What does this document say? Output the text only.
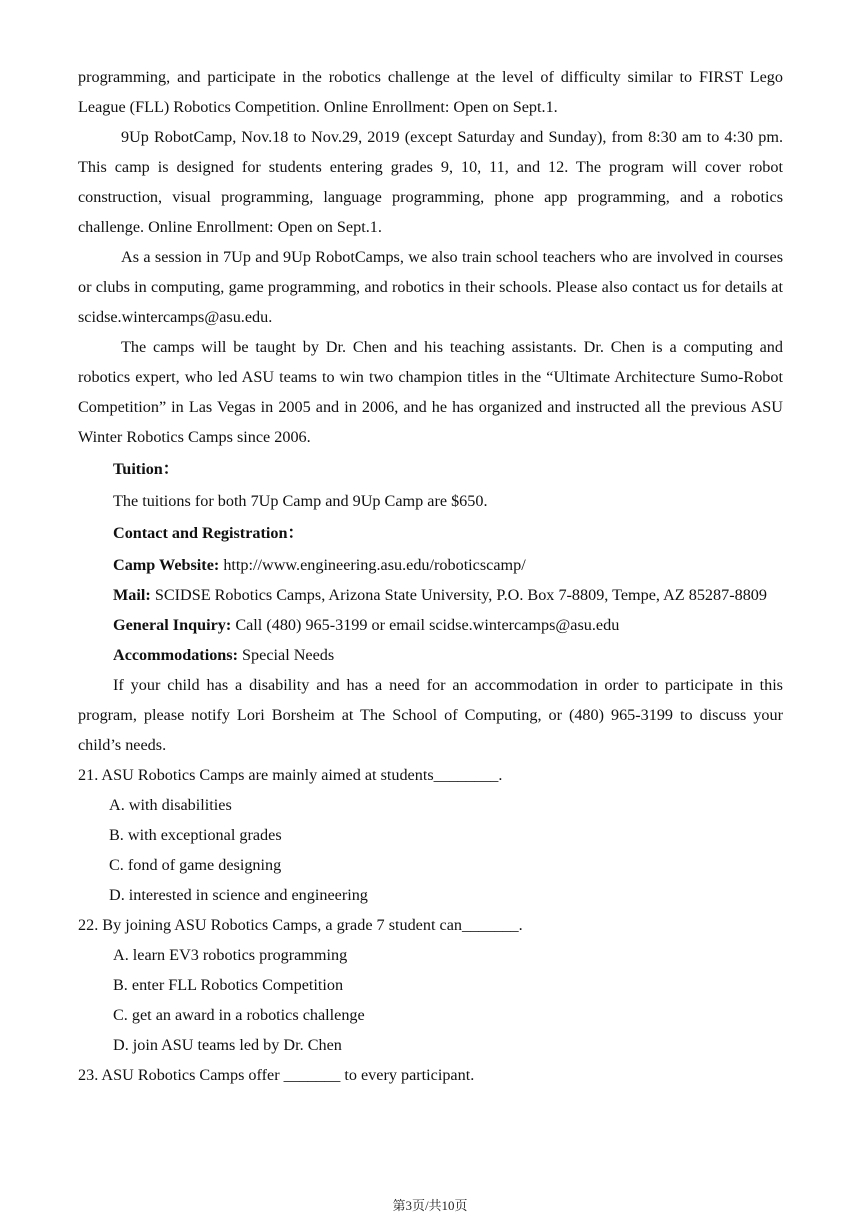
programming, and participate in the robotics challenge at the level of difficulty similar to FIRST Lego League (FLL) Robotics Competition. Online Enrollment: Open on Sept.1.

9Up RobotCamp, Nov.18 to Nov.29, 2019 (except Saturday and Sunday), from 8:30 am to 4:30 pm. This camp is designed for students entering grades 9, 10, 11, and 12. The program will cover robot construction, visual programming, language programming, phone app programming, and a robotics challenge. Online Enrollment: Open on Sept.1.

As a session in 7Up and 9Up RobotCamps, we also train school teachers who are involved in courses or clubs in computing, game programming, and robotics in their schools. Please also contact us for details at scidse.wintercamps@asu.edu.

The camps will be taught by Dr. Chen and his teaching assistants. Dr. Chen is a computing and robotics expert, who led ASU teams to win two champion titles in the “Ultimate Architecture Sumo-Robot Competition” in Las Vegas in 2005 and in 2006, and he has organized and instructed all the previous ASU Winter Robotics Camps since 2006.

Tuition：

The tuitions for both 7Up Camp and 9Up Camp are $650.

Contact and Registration：

Camp Website: http://www.engineering.asu.edu/roboticscamp/

Mail: SCIDSE Robotics Camps, Arizona State University, P.O. Box 7-8809, Tempe, AZ 85287-8809

General Inquiry: Call (480) 965-3199 or email scidse.wintercamps@asu.edu

Accommodations: Special Needs

If your child has a disability and has a need for an accommodation in order to participate in this program, please notify Lori Borsheim at The School of Computing, or (480) 965-3199 to discuss your child’s needs.

21. ASU Robotics Camps are mainly aimed at students________.

A. with disabilities

B. with exceptional grades

C. fond of game designing

D. interested in science and engineering

22. By joining ASU Robotics Camps, a grade 7 student can_______.

A. learn EV3 robotics programming

B. enter FLL Robotics Competition

C. get an award in a robotics challenge

D. join ASU teams led by Dr. Chen

23. ASU Robotics Camps offer _______ to every participant.

第3页/共10页
